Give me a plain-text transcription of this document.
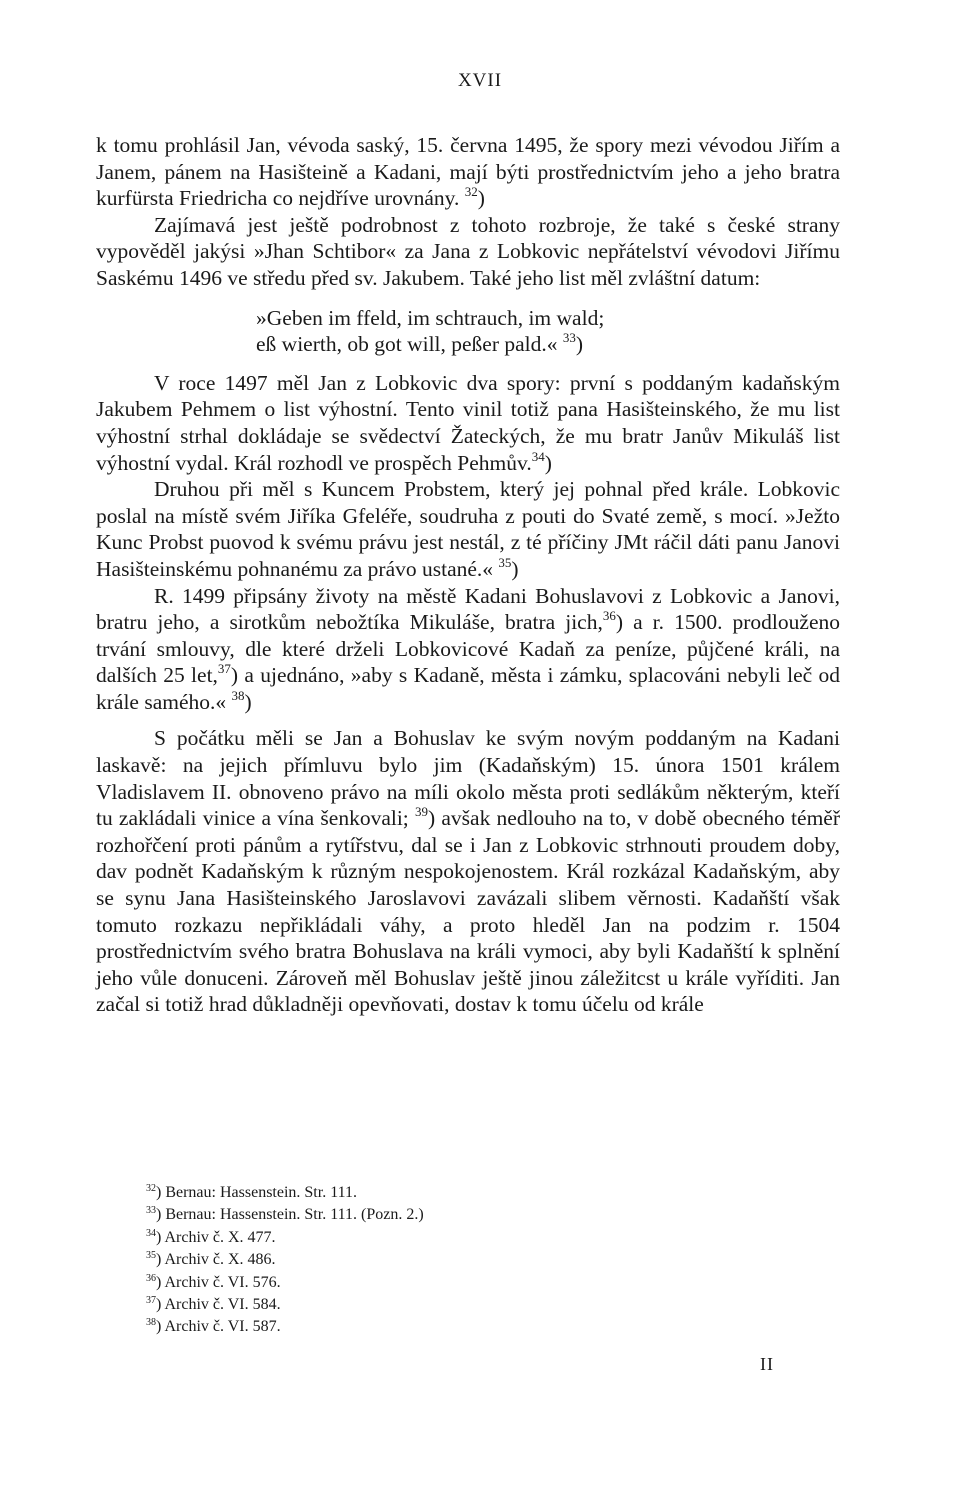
XVII

k tomu prohlásil Jan, vévoda saský, 15. června 1495, že spory mezi vévodou Jiřím a Janem, pánem na Hasišteině a Kadani, mají býti prostřednictvím jeho a jeho bratra kurfürsta Friedricha co nejdříve urovnány. $^{32}$)

Zajímavá jest ještě podrobnost z tohoto rozbroje, že také s české strany vypověděl jakýsi »Jhan Schtibor« za Jana z Lobkovic nepřátelství vévodovi Jiřímu Saskému 1496 ve středu před sv. Jakubem. Také jeho list měl zvláštní datum:

»Geben im ffeld, im schtrauch, im wald;
eß wierth, ob got will, peßer pald.« $^{33}$)

V roce 1497 měl Jan z Lobkovic dva spory: první s poddaným kadaňským Jakubem Pehmem o list výhostní. Tento vinil totiž pana Hasišteinského, že mu list výhostní strhal dokládaje se svědectví Žateckých, že mu bratr Janův Mikuláš list výhostní vydal. Král rozhodl ve prospěch Pehmův.$^{34}$)

Druhou při měl s Kuncem Probstem, který jej pohnal před krále. Lobkovic poslal na místě svém Jiříka Gfeléře, soudruha z pouti do Svaté země, s mocí. »Ježto Kunc Probst puovod k svému právu jest nestál, z té příčiny JMt ráčil dáti panu Janovi Hasišteinskému pohnanému za právo ustané.« $^{35}$)

R. 1499 připsány životy na městě Kadani Bohuslavovi z Lobkovic a Janovi, bratru jeho, a sirotkům nebožtíka Mikuláše, bratra jich,$^{36}$) a r. 1500. prodlouženo trvání smlouvy, dle které drželi Lobkovicové Kadaň za peníze, půjčené králi, na dalších 25 let,$^{37}$) a ujednáno, »aby s Kadaně, města i zámku, splacováni nebyli leč od krále samého.« $^{38}$)

S počátku měli se Jan a Bohuslav ke svým novým poddaným na Kadani laskavě: na jejich přímluvu bylo jim (Kadaňským) 15. února 1501 králem Vladislavem II. obnoveno právo na míli okolo města proti sedlákům některým, kteří tu zakládali vinice a vína šenkovali; $^{39}$) avšak nedlouho na to, v době obecného téměř rozhořčení proti pánům a rytířstvu, dal se i Jan z Lobkovic strhnouti proudem doby, dav podnět Kadaňským k různým nespokojenostem. Král rozkázal Kadaňským, aby se synu Jana Hasišteinského Jaroslavovi zavázali slibem věrnosti. Kadaňští však tomuto rozkazu nepřikládali váhy, a proto hleděl Jan na podzim r. 1504 prostřednictvím svého bratra Bohuslava na králi vymoci, aby byli Kadaňští k splnění jeho vůle donuceni. Zároveň měl Bohuslav ještě jinou záležitcst u krále vyříditi. Jan začal si totiž hrad důkladněji opevňovati, dostav k tomu účelu od krále

$^{32}$) Bernau: Hassenstein. Str. 111.
$^{33}$) Bernau: Hassenstein. Str. 111. (Pozn. 2.)
$^{34}$) Archiv č. X. 477.
$^{35}$) Archiv č. X. 486.
$^{36}$) Archiv č. VI. 576.
$^{37}$) Archiv č. VI. 584.
$^{38}$) Archiv č. VI. 587.
II
